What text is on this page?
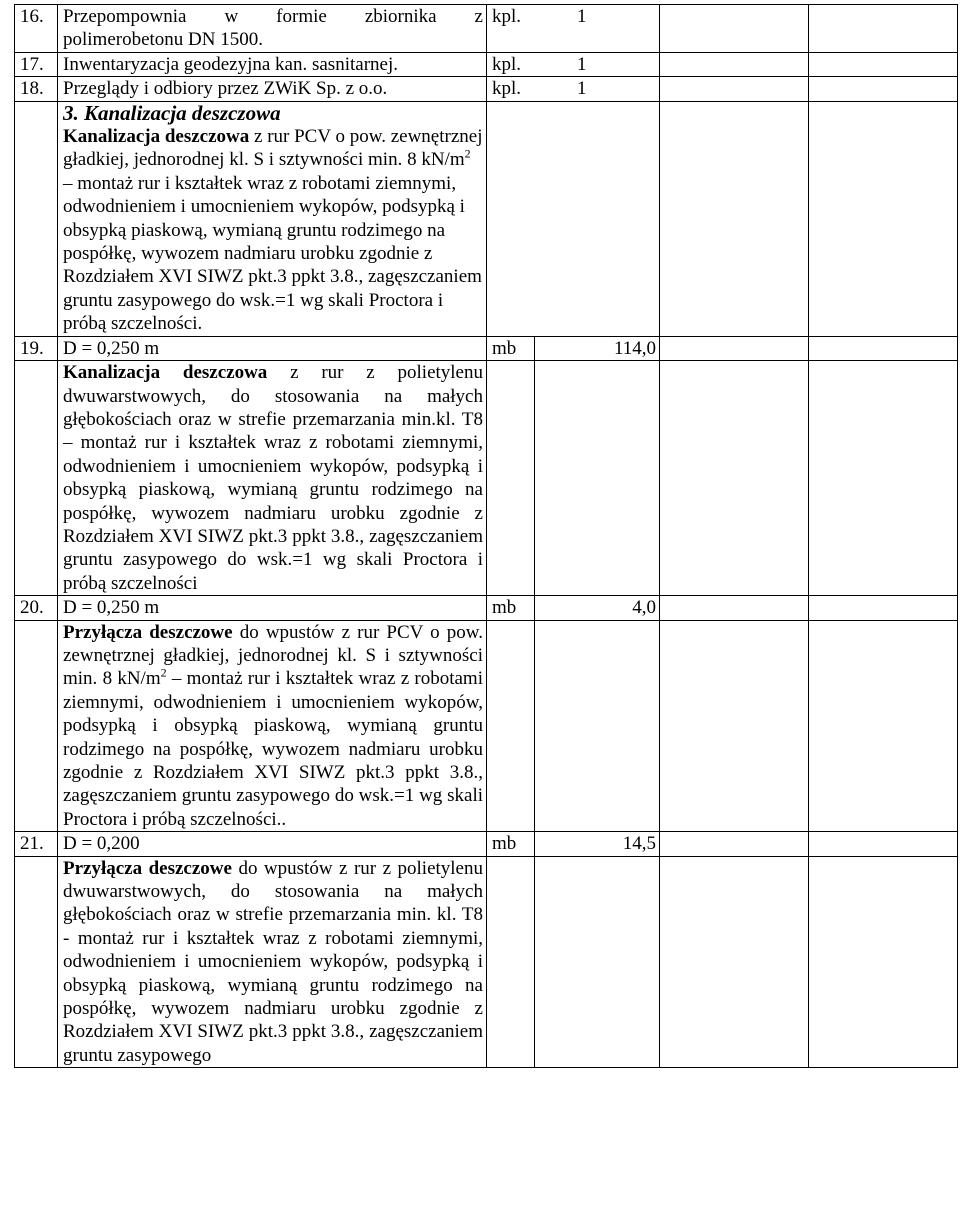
16.	Przepompownia w formie zbiornika z
polimerobetonu DN 1500.	kpl. 1			
17.	Inwentaryzacja geodezyjna kan. sasnitarnej.	kpl. 1			
18.	Przeglądy i odbiory przez ZWiK Sp. z o.o.	kpl. 1			

	3. Kanalizacja deszczowa
Kanalizacja deszczowa z rur PCV o pow. zewnętrznej gładkiej, jednorodnej kl. S i sztywności min. 8 $kN/m^2$ – montaż rur i kształtek wraz z robotami ziemnymi, odwodnieniem i umocnieniem wykopów, podsypką i obsypką piaskową, wymianą gruntu rodzimego na pospółkę, wywozem nadmiaru urobku zgodnie z Rozdziałem XVI SIWZ pkt.3 ppkt 3.8., zagęszczaniem gruntu zasypowego do wsk.=1 wg skali Proctora i próbą szczelności.				

19.	D = 0,250 m	mb	114,0		
	Kanalizacja deszczowa z rur z polietylenu dwuwarstwowych, do stosowania na małych głębokościach oraz w strefie przemarzania min.kl. T8 – montaż rur i kształtek wraz z robotami ziemnymi, odwodnieniem i umocnieniem wykopów, podsypką i obsypką piaskową, wymianą gruntu rodzimego na pospółkę, wywozem nadmiaru urobku zgodnie z Rozdziałem XVI SIWZ pkt.3 ppkt 3.8., zagęszczaniem gruntu zasypowego do wsk.=1 wg skali Proctora i próbą szczelności				
20.	D = 0,250 m	mb	4,0		
	Przyłącza deszczowe do wpustów z rur PCV o pow. zewnętrznej gładkiej, jednorodnej kl. S i sztywności min. 8 $kN/m^2$ – montaż rur i kształtek wraz z robotami ziemnymi, odwodnieniem i umocnieniem wykopów, podsypką i obsypką piaskową, wymianą gruntu rodzimego na pospółkę, wywozem nadmiaru urobku zgodnie z Rozdziałem XVI SIWZ pkt.3 ppkt 3.8., zagęszczaniem gruntu zasypowego do wsk.=1 wg skali Proctora i próbą szczelności..				
21.	D = 0,200	mb	14,5		
	Przyłącza deszczowe do wpustów z rur z polietylenu dwuwarstwowych, do stosowania na małych głębokościach oraz w strefie przemarzania min. kl. T8 - montaż rur i kształtek wraz z robotami ziemnymi, odwodnieniem i umocnieniem wykopów, podsypką i obsypką piaskową, wymianą gruntu rodzimego na pospółkę, wywozem nadmiaru urobku zgodnie z Rozdziałem XVI SIWZ pkt.3 ppkt 3.8., zagęszczaniem gruntu zasypowego				
